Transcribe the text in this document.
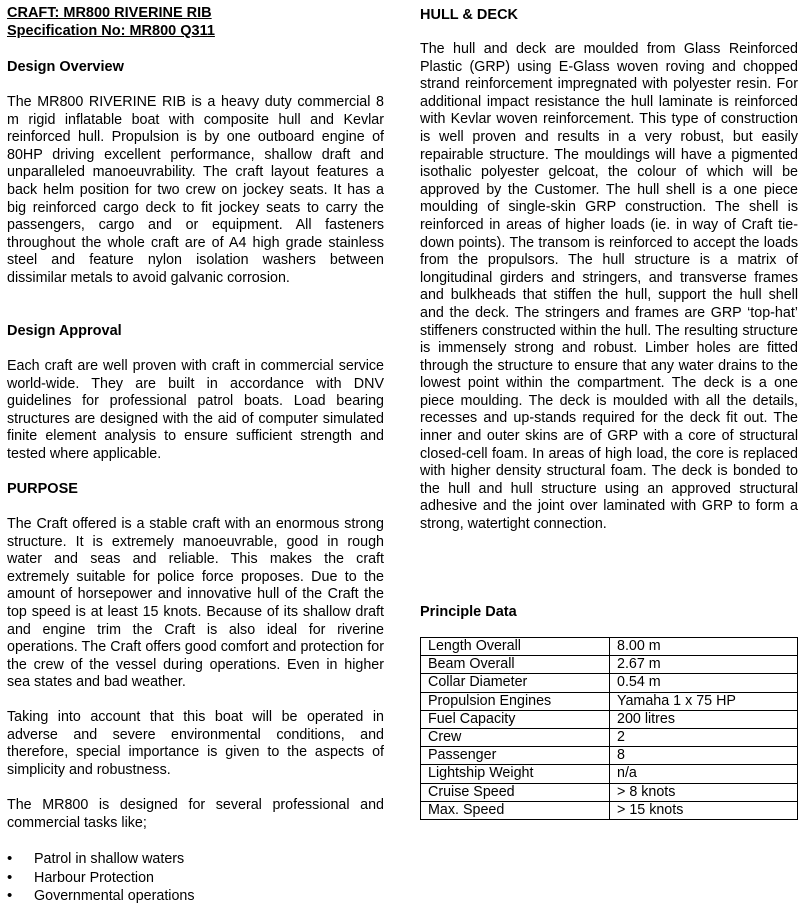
CRAFT: MR800 RIVERINE RIB
Specification No: MR800 Q311
Design Overview

The MR800 RIVERINE RIB is a heavy duty commercial 8 m rigid inflatable boat with composite hull and Kevlar reinforced hull. Propulsion is by one outboard engine of 80HP driving excellent performance, shallow draft and unparalleled manoeuvrability. The craft layout features a back helm position for two crew on jockey seats. It has a big reinforced cargo deck to fit jockey seats to carry the passengers, cargo and or equipment. All fasteners throughout the whole craft are of A4 high grade stainless steel and feature nylon isolation washers between dissimilar metals to avoid galvanic corrosion.

Design Approval

Each craft are well proven with craft in commercial service world-wide. They are built in accordance with DNV guidelines for professional patrol boats. Load bearing structures are designed with the aid of computer simulated finite element analysis to ensure sufficient strength and tested where applicable.

PURPOSE

The Craft offered is a stable craft with an enormous strong structure. It is extremely manoeuvrable, good in rough water and seas and reliable. This makes the craft extremely suitable for police force proposes. Due to the amount of horsepower and innovative hull of the Craft the top speed is at least 15 knots. Because of its shallow draft and engine trim the Craft is also ideal for riverine operations. The Craft offers good comfort and protection for the crew of the vessel during operations. Even in higher sea states and bad weather.

Taking into account that this boat will be operated in adverse and severe environmental conditions, and therefore, special importance is given to the aspects of simplicity and robustness.

The MR800 is designed for several professional and commercial tasks like;

• Patrol in shallow waters
• Harbour Protection
• Governmental operations
HULL & DECK

The hull and deck are moulded from Glass Reinforced Plastic (GRP) using E-Glass woven roving and chopped strand reinforcement impregnated with polyester resin. For additional impact resistance the hull laminate is reinforced with Kevlar woven reinforcement. This type of construction is well proven and results in a very robust, but easily repairable structure. The mouldings will have a pigmented isothalic polyester gelcoat, the colour of which will be approved by the Customer. The hull shell is a one piece moulding of single-skin GRP construction. The shell is reinforced in areas of higher loads (ie. in way of Craft tie-down points). The transom is reinforced to accept the loads from the propulsors. The hull structure is a matrix of longitudinal girders and stringers, and transverse frames and bulkheads that stiffen the hull, support the hull shell and the deck. The stringers and frames are GRP ‘top-hat’ stiffeners constructed within the hull. The resulting structure is immensely strong and robust. Limber holes are fitted through the structure to ensure that any water drains to the lowest point within the compartment. The deck is a one piece moulding. The deck is moulded with all the details, recesses and up-stands required for the deck fit out. The inner and outer skins are of GRP with a core of structural closed-cell foam. In areas of high load, the core is replaced with higher density structural foam. The deck is bonded to the hull and hull structure using an approved structural adhesive and the joint over laminated with GRP to form a strong, watertight connection.

Principle Data
Length Overall	8.00 m
Beam Overall	2.67 m
Collar Diameter	0.54 m
Propulsion Engines	Yamaha 1 x 75 HP
Fuel Capacity	200 litres
Crew	2
Passenger	8
Lightship Weight	n/a
Cruise Speed	> 8 knots
Max. Speed	> 15 knots
